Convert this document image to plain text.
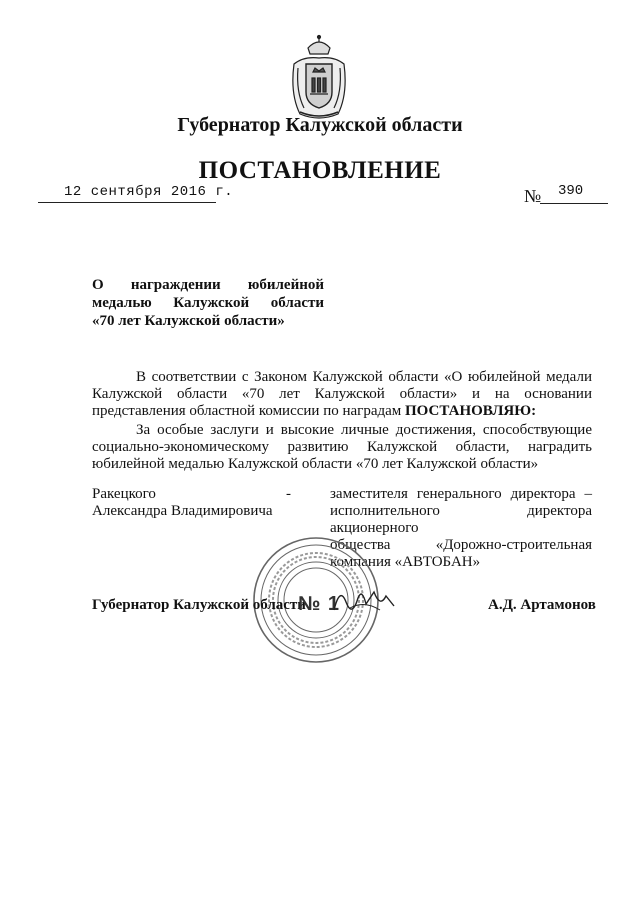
Губернатор Калужской области
ПОСТАНОВЛЕНИЕ
12 сентября 2016 г.	№ 390
О награждении юбилейной
медалью Калужской области
«70 лет Калужской области»
В соответствии с Законом Калужской области «О юбилейной медали Калужской области «70 лет Калужской области» и на основании представления областной комиссии по наградам ПОСТАНОВЛЯЮ:
За особые заслуги и высокие личные достижения, способствующие социально-экономическому развитию Калужской области, наградить юбилейной медалью Калужской области «70 лет Калужской области»
Ракецкого
Александра Владимировича
-	заместителя генерального директора –
исполнительного директора акционерного
общества «Дорожно-строительная
компания «АВТОБАН»
Губернатор Калужской области
№ 1	А.Д. Артамонов
